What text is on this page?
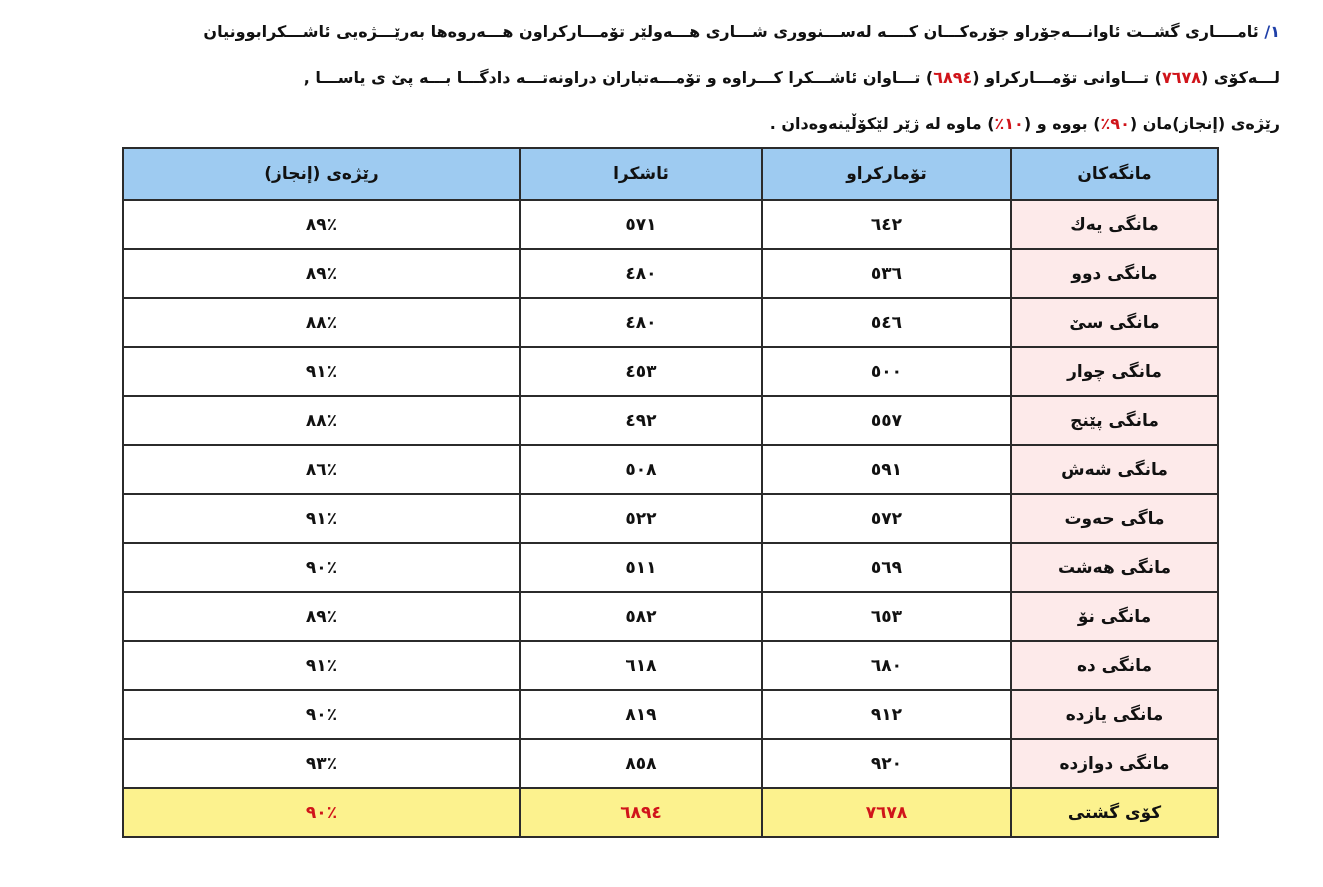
١/ ئامــــاری گشــت ئاوانـــەجۆراو جۆرەكـــان كــــە لەســـنووری شـــاری هـــەولێر تۆمـــاركراون هـــەروەها بەرێـــژەیی ئاشـــكرابوونیان
لـــەكۆی (٧٦٧٨) تـــاوانی تۆمـــاركراو (٦٨٩٤) تـــاوان ئاشـــكرا كـــراوه و تۆمـــەتباران دراونەتـــە دادگـــا بـــە پێ ی یاســـا ,
رێژەی (إنجاز)مان (٩٠٪) بووە و (١٠٪) ماوە لە ژێر لێكۆڵینەوەدان .
مانگەكان	تۆماركراو	ئاشكرا	رێژەی (إنجاز)
مانگی یەك	٦٤٢	٥٧١	٪٨٩
مانگی دوو	٥٣٦	٤٨٠	٪٨٩
مانگی سێ	٥٤٦	٤٨٠	٪٨٨
مانگی چوار	٥٠٠	٤٥٣	٪٩١
مانگی پێنج	٥٥٧	٤٩٢	٪٨٨
مانگی شەش	٥٩١	٥٠٨	٪٨٦
ماگی حەوت	٥٧٢	٥٢٢	٪٩١
مانگی هەشت	٥٦٩	٥١١	٪٩٠
مانگی نۆ	٦٥٣	٥٨٢	٪٨٩
مانگی دە	٦٨٠	٦١٨	٪٩١
مانگی یازدە	٩١٢	٨١٩	٪٩٠
مانگی دوازدە	٩٢٠	٨٥٨	٪٩٣
كۆی گشتی	٧٦٧٨	٦٨٩٤	٪٩٠
